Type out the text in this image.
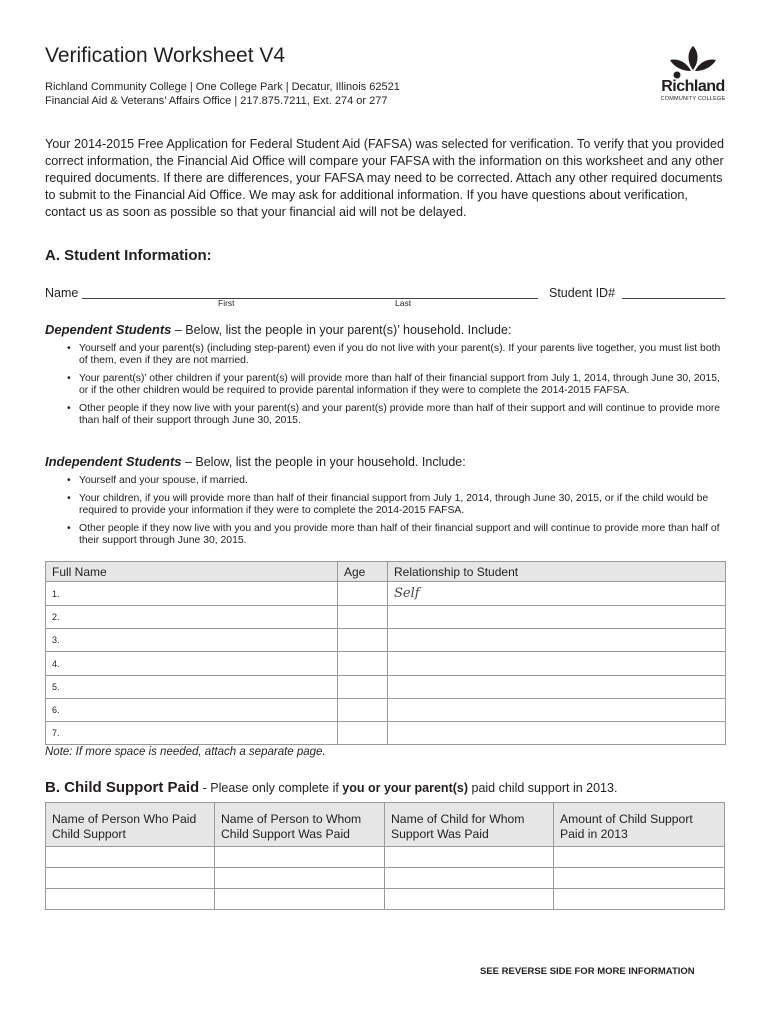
Verification Worksheet V4
Richland Community College | One College Park | Decatur, Illinois 62521
Financial Aid & Veterans’ Affairs Office | 217.875.7211, Ext. 274 or 277
Richland
COMMUNITY COLLEGE
Your 2014-2015 Free Application for Federal Student Aid (FAFSA) was selected for verification. To verify that you provided correct information, the Financial Aid Office will compare your FAFSA with the information on this worksheet and any other required documents. If there are differences, your FAFSA may need to be corrected. Attach any other required documents to submit to the Financial Aid Office. We may ask for additional information. If you have questions about verification, contact us as soon as possible so that your financial aid will not be delayed.
A. Student Information:
Name
First	Last
Student ID#
Dependent Students – Below, list the people in your parent(s)’ household. Include:
• Yourself and your parent(s) (including step-parent) even if you do not live with your parent(s). If your parents live together, you must list both of them, even if they are not married.
• Your parent(s)’ other children if your parent(s) will provide more than half of their financial support from July 1, 2014, through June 30, 2015, or if the other children would be required to provide parental information if they were to complete the 2014-2015 FAFSA.
• Other people if they now live with your parent(s) and your parent(s) provide more than half of their support and will continue to provide more than half of their support through June 30, 2015.
Independent Students – Below, list the people in your household. Include:
• Yourself and your spouse, if married.
• Your children, if you will provide more than half of their financial support from July 1, 2014, through June 30, 2015, or if the child would be required to provide your information if they were to complete the 2014-2015 FAFSA.
• Other people if they now live with you and you provide more than half of their financial support and will continue to provide more than half of their support through June 30, 2015.
Full Name	Age	Relationship to Student
1.		Self
2.		
3.		
4.		
5.		
6.		
7.		
Note: If more space is needed, attach a separate page.
B. Child Support Paid - Please only complete if you or your parent(s) paid child support in 2013.
Name of Person Who Paid Child Support	Name of Person to Whom Child Support Was Paid	Name of Child for Whom Support Was Paid	Amount of Child Support Paid in 2013

SEE REVERSE SIDE FOR MORE INFORMATION
